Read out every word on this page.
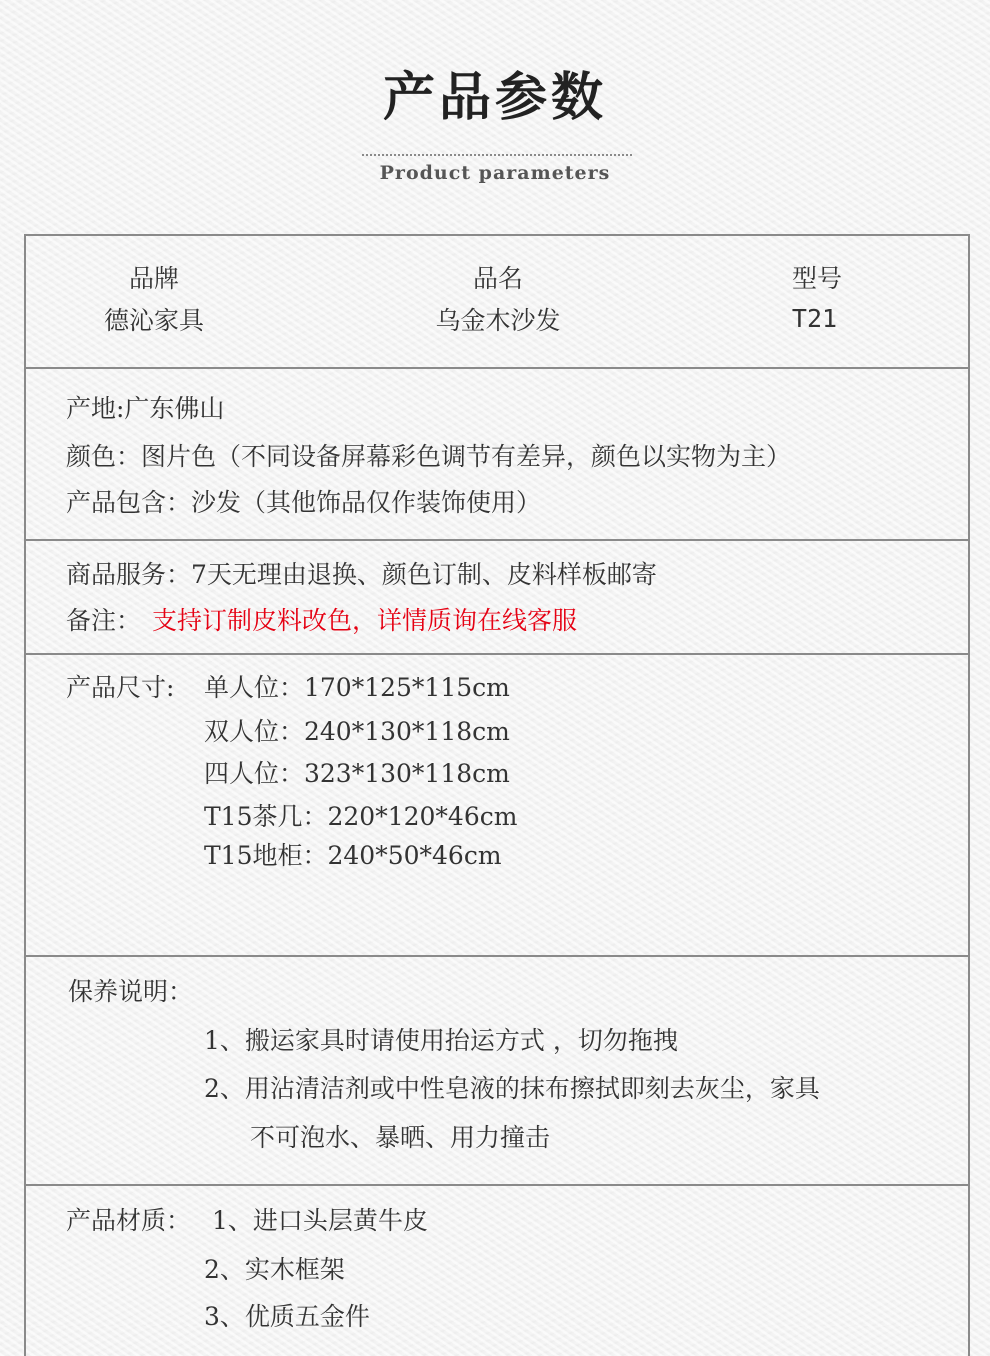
产品参数
Product parameters
品牌
德沁家具
品名
乌金木沙发
型号
T21
产地:广东佛山
颜色：图片色（不同设备屏幕彩色调节有差异，颜色以实物为主）
产品包含：沙发（其他饰品仅作装饰使用）
商品服务：7天无理由退换、颜色订制、皮料样板邮寄
备注： 支持订制皮料改色，详情质询在线客服
产品尺寸: 单人位：170*125*115cm
双人位：240*130*118cm
四人位：323*130*118cm
T15茶几：220*120*46cm
T15地柜：240*50*46cm
保养说明：
1、搬运家具时请使用抬运方式 ，切勿拖拽
2、用沾清洁剂或中性皂液的抹布擦拭即刻去灰尘，家具
不可泡水、暴晒、用力撞击
产品材质： 1、进口头层黄牛皮
2、实木框架
3、优质五金件
